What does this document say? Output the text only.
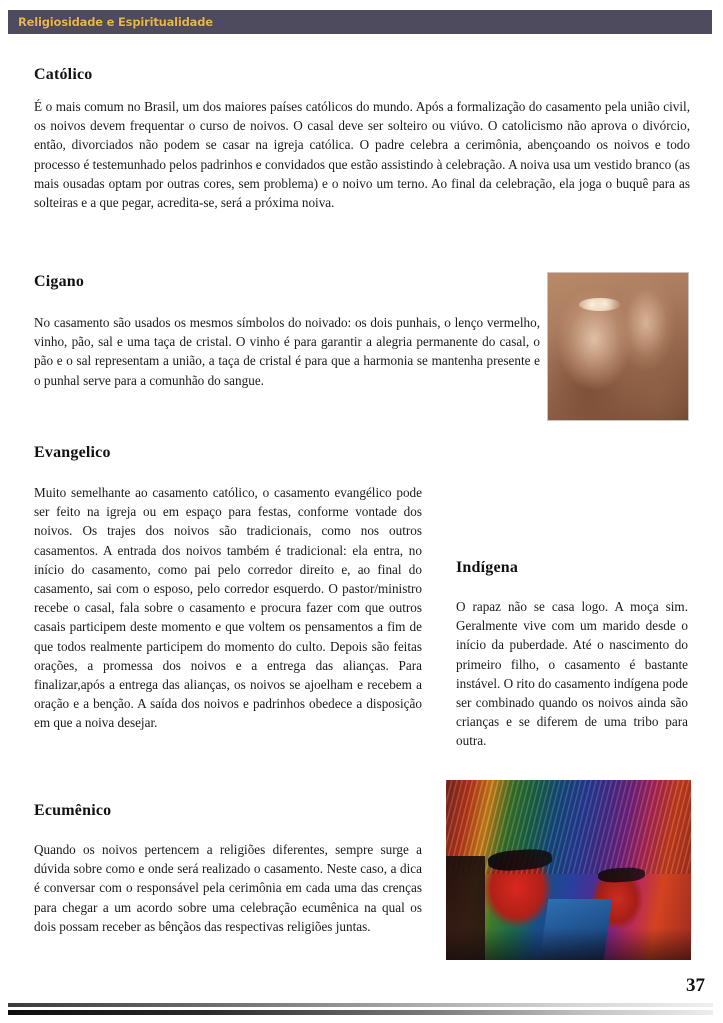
Religiosidade e Espiritualidade
Católico

É o mais comum no Brasil, um dos maiores países católicos do mundo. Após a formalização do casamento pela união civil, os noivos devem frequentar o curso de noivos. O casal deve ser solteiro ou viúvo. O catolicismo não aprova o divórcio, então, divorciados não podem se casar na igreja católica. O padre celebra a cerimônia, abençoando os noivos e todo processo é testemunhado pelos padrinhos e convidados que estão assistindo à celebração. A noiva usa um vestido branco (as mais ousadas optam por outras cores, sem problema) e o noivo um terno. Ao final da celebração, ela joga o buquê para as solteiras e a que pegar, acredita-se, será a próxima noiva.

Cigano

No casamento são usados os mesmos símbolos do noivado: os dois punhais, o lenço vermelho, vinho, pão, sal e uma taça de cristal. O vinho é para garantir a alegria permanente do casal, o pão e o sal representam a união, a taça de cristal é para que a harmonia se mantenha presente e o punhal serve para a comunhão do sangue.

Evangelico

Muito semelhante ao casamento católico, o casamento evangélico pode ser feito na igreja ou em espaço para festas, conforme vontade dos noivos. Os trajes dos noivos são tradicionais, como nos outros casamentos. A entrada dos noivos também é tradicional: ela entra, no início do casamento, como pai pelo corredor direito e, ao final do casamento, sai com o esposo, pelo corredor esquerdo. O pastor/ministro recebe o casal, fala sobre o casamento e procura fazer com que outros casais participem deste momento e que voltem os pensamentos a fim de que todos realmente participem do momento do culto. Depois são feitas orações, a promessa dos noivos e a entrega das alianças. Para finalizar,após a entrega das alianças, os noivos se ajoelham e recebem a oração e a benção. A saída dos noivos e padrinhos obedece a disposição em que a noiva desejar.

Indígena

O rapaz não se casa logo. A moça sim. Geralmente vive com um marido desde o início da puberdade. Até o nascimento do primeiro filho, o casamento é bastante instável. O rito do casamento indígena pode ser combinado quando os noivos ainda são crianças e se diferem de uma tribo para outra.

Ecumênico

Quando os noivos pertencem a religiões diferentes, sempre surge a dúvida sobre como e onde será realizado o casamento. Neste caso, a dica é conversar com o responsável pela cerimônia em cada uma das crenças para chegar a um acordo sobre uma celebração ecumênica na qual os dois possam receber as bênçãos das respectivas religiões juntas.

37
